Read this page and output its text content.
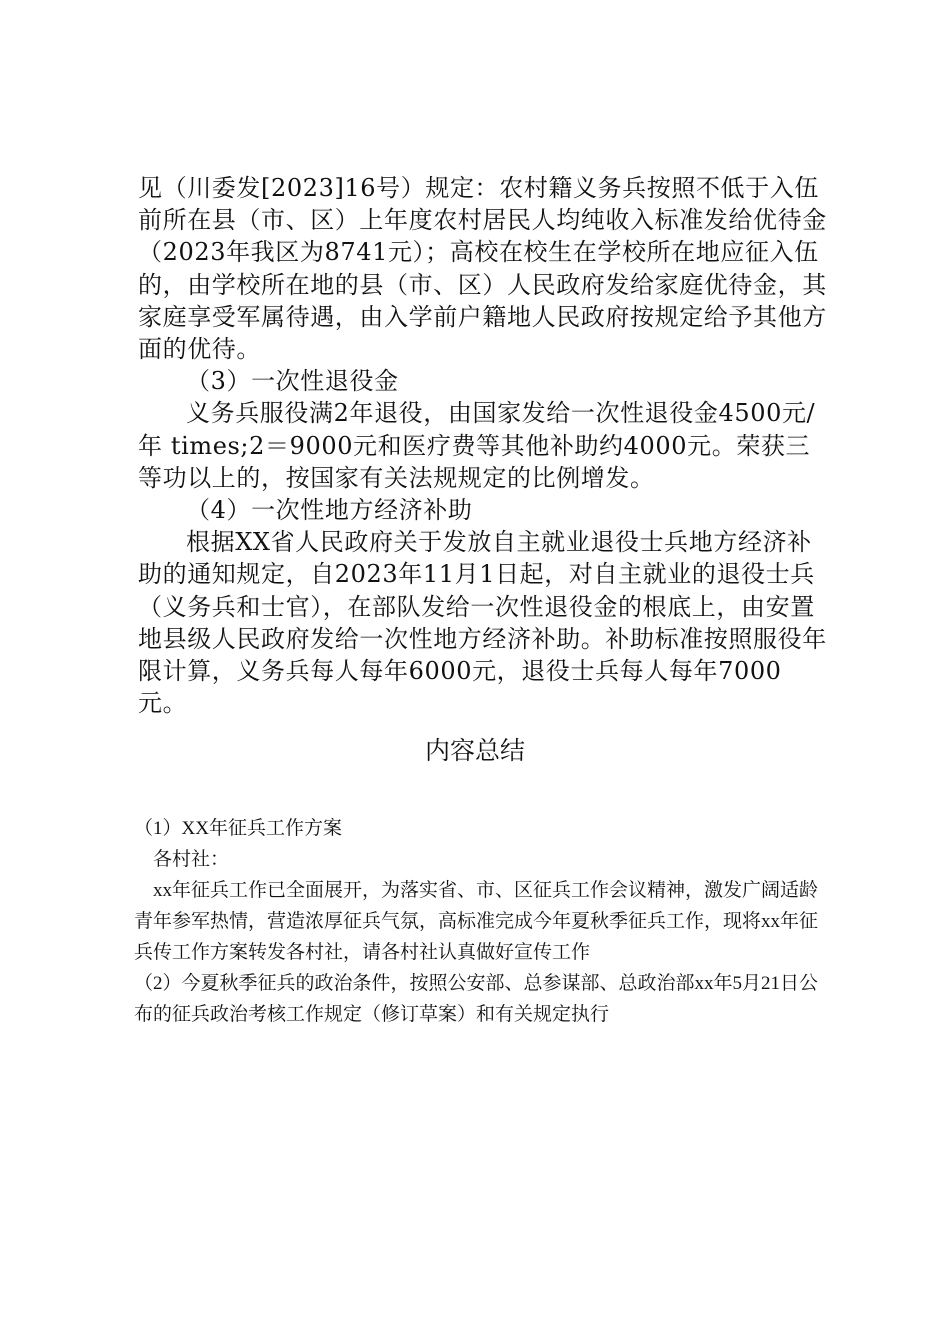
见（川委发[2023]16号）规定：农村籍义务兵按照不低于入伍前所在县（市、区）上年度农村居民人均纯收入标准发给优待金（2023年我区为8741元）；高校在校生在学校所在地应征入伍的，由学校所在地的县（市、区）人民政府发给家庭优待金，其家庭享受军属待遇，由入学前户籍地人民政府按规定给予其他方面的优待。

（3）一次性退役金

义务兵服役满2年退役，由国家发给一次性退役金4500元/年 times;2＝9000元和医疗费等其他补助约4000元。荣获三等功以上的，按国家有关法规规定的比例增发。

（4）一次性地方经济补助

根据XX省人民政府关于发放自主就业退役士兵地方经济补助的通知规定，自2023年11月1日起，对自主就业的退役士兵（义务兵和士官），在部队发给一次性退役金的根底上，由安置地县级人民政府发给一次性地方经济补助。补助标准按照服役年限计算，义务兵每人每年6000元，退役士兵每人每年7000元。

内容总结

（1）XX年征兵工作方案

各村社：

xx年征兵工作已全面展开，为落实省、市、区征兵工作会议精神，激发广阔适龄青年参军热情，营造浓厚征兵气氛，高标准完成今年夏秋季征兵工作，现将xx年征兵传工作方案转发各村社，请各村社认真做好宣传工作

（2）今夏秋季征兵的政治条件，按照公安部、总参谋部、总政治部xx年5月21日公布的征兵政治考核工作规定（修订草案）和有关规定执行
